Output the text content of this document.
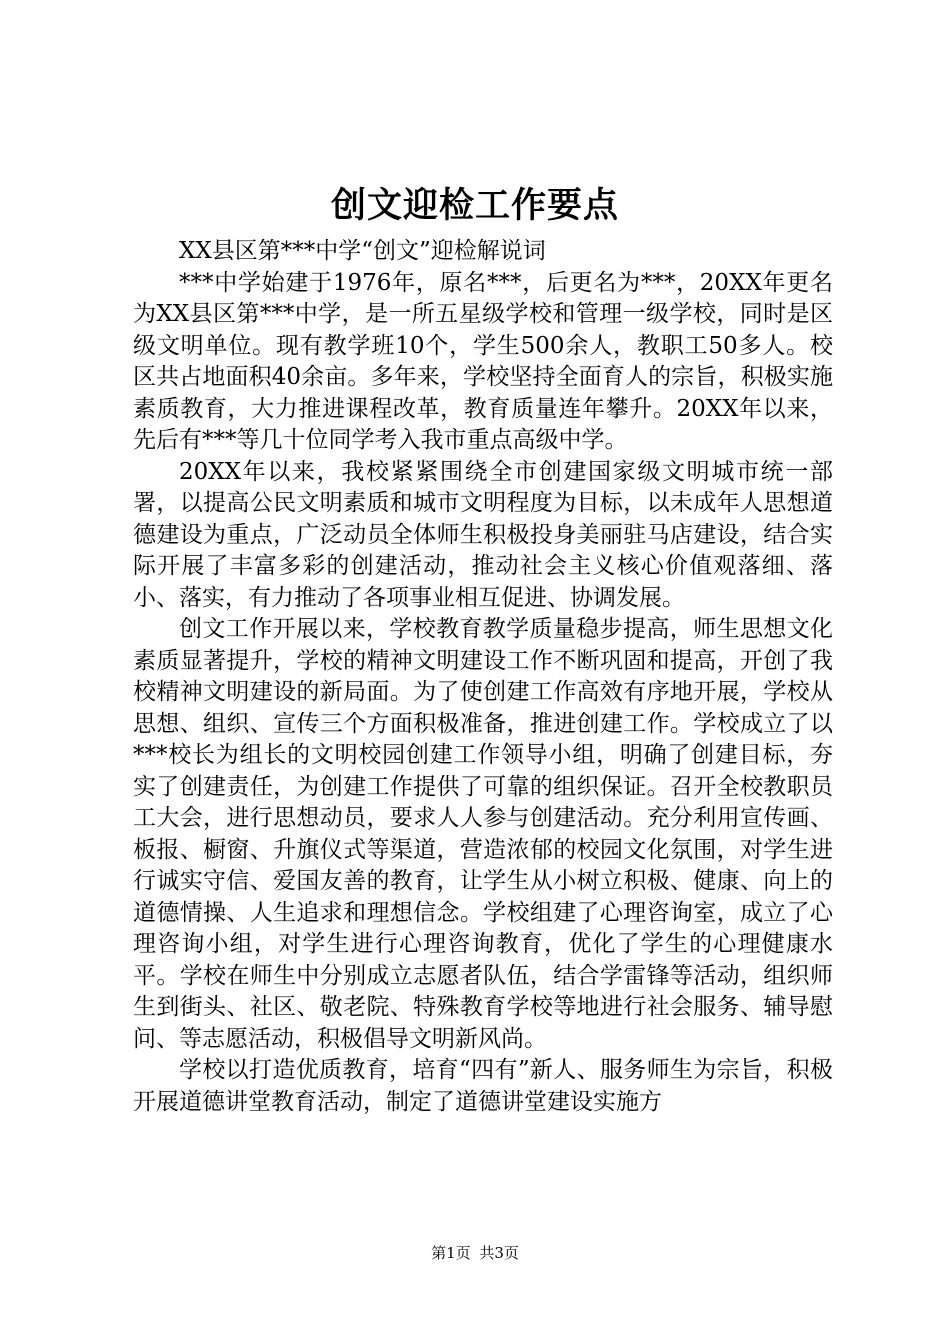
创文迎检工作要点

XX县区第***中学“创文”迎检解说词

***中学始建于1976年，原名***，后更名为***，20XX年更名为XX县区第***中学，是一所五星级学校和管理一级学校，同时是区级文明单位。现有教学班10个，学生500余人，教职工50多人。校区共占地面积40余亩。多年来，学校坚持全面育人的宗旨，积极实施素质教育，大力推进课程改革，教育质量连年攀升。20XX年以来，先后有***等几十位同学考入我市重点高级中学。

20XX年以来，我校紧紧围绕全市创建国家级文明城市统一部署，以提高公民文明素质和城市文明程度为目标，以未成年人思想道德建设为重点，广泛动员全体师生积极投身美丽驻马店建设，结合实际开展了丰富多彩的创建活动，推动社会主义核心价值观落细、落小、落实，有力推动了各项事业相互促进、协调发展。

创文工作开展以来，学校教育教学质量稳步提高，师生思想文化素质显著提升，学校的精神文明建设工作不断巩固和提高，开创了我校精神文明建设的新局面。为了使创建工作高效有序地开展，学校从思想、组织、宣传三个方面积极准备，推进创建工作。学校成立了以***校长为组长的文明校园创建工作领导小组，明确了创建目标，夯实了创建责任，为创建工作提供了可靠的组织保证。召开全校教职员工大会，进行思想动员，要求人人参与创建活动。充分利用宣传画、板报、橱窗、升旗仪式等渠道，营造浓郁的校园文化氛围，对学生进行诚实守信、爱国友善的教育，让学生从小树立积极、健康、向上的道德情操、人生追求和理想信念。学校组建了心理咨询室，成立了心理咨询小组，对学生进行心理咨询教育，优化了学生的心理健康水平。学校在师生中分别成立志愿者队伍，结合学雷锋等活动，组织师生到街头、社区、敬老院、特殊教育学校等地进行社会服务、辅导慰问、等志愿活动，积极倡导文明新风尚。

学校以打造优质教育，培育“四有”新人、服务师生为宗旨，积极开展道德讲堂教育活动，制定了道德讲堂建设实施方

第1页 共3页
